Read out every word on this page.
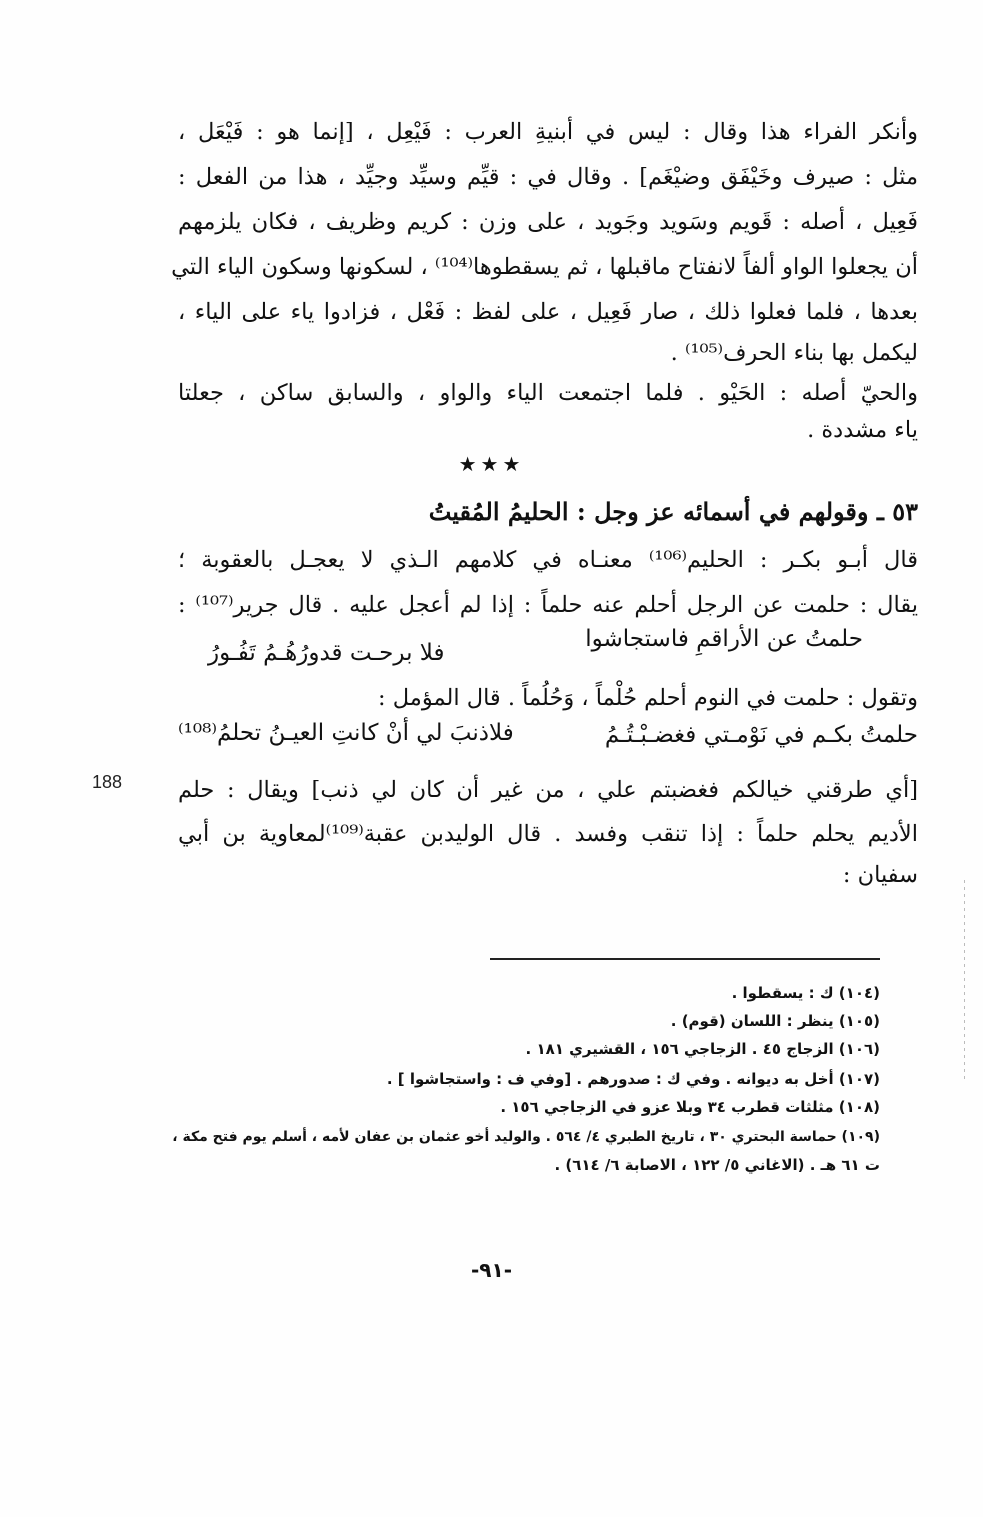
وأنكر الفراء هذا وقال : ليس في أبنيةِ العرب : فَيْعِل ، [إنما هو : فَيْعَل ،
مثل : صيرف وخَيْفَق وضيْغَم] . وقال في : قيِّم وسيِّد وجيِّد ، هذا من الفعل :
فَعِيل ، أصله : قَويم وسَويد وجَويد ، على وزن : كريم وظريف ، فكان يلزمهم
أن يجعلوا الواو ألفاً لانفتاح ماقبلها ، ثم يسقطوها⁽¹⁰⁴⁾ ، لسكونها وسكون الياء التي
بعدها ، فلما فعلوا ذلك ، صار فَعِيل ، على لفظ : فَعْل ، فزادوا ياء على الياء ،
ليكمل بها بناء الحرف⁽¹⁰⁵⁾ .
والحيّ أصله : الحَيْو . فلما اجتمعت الياء والواو ، والسابق ساكن ، جعلتا
ياء مشددة .
٥٣ ـ وقولهم في أسمائه عز وجل : الحليمُ المُقيتُ
قال أبـو بكـر : الحليم⁽¹⁰⁶⁾ معنـاه في كلامهم الـذي لا يعجـل بالعقوبة ؛
يقال : حلمت عن الرجل أحلم عنه حلماً : إذا لم أعجل عليه . قال جرير⁽¹⁰⁷⁾ :
حلمتُ عن الأراقمِ فاستجاشوا
فلا برحـت قدورُهُـمُ تَفُـورُ
وتقول : حلمت في النوم أحلم حُلْماً ، وَحُلُماً . قال المؤمل :
حلمتُ بكـم في نَوْمـتي فغضـبْـتُـمُ
فلاذنبَ لي أنْ كانتِ العيـنُ تحلمُ⁽¹⁰⁸⁾
[أي طرقني خيالكم فغضبتم علي ، من غير أن كان لي ذنب] ويقال : حلم
الأديم يحلم حلماً : إذا تنقب وفسد . قال الوليدبن عقبة⁽¹⁰⁹⁾لمعاوية بن أبي
سفيان :
★★★
188
(١٠٤) ك : يسقطوا .
(١٠٥) ينظر : اللسان (قوم) .
(١٠٦) الزجاج ٤٥ . الزجاجي ١٥٦ ، القشيري ١٨١ .
(١٠٧) أخل به ديوانه . وفي ك : صدورهم . [وفي ف : واستجاشوا ] .
(١٠٨) مثلثات قطرب ٣٤ وبلا عزو في الزجاجي ١٥٦ .
(١٠٩) حماسة البحتري ٣٠ ، تاريخ الطبري ٤/ ٥٦٤ . والوليد أخو عثمان بن عفان لأمه ، أسلم يوم فتح مكة ،
ت ٦١ هـ . (الاغاني ٥/ ١٢٢ ، الاصابة ٦/ ٦١٤) .
-٩١-
